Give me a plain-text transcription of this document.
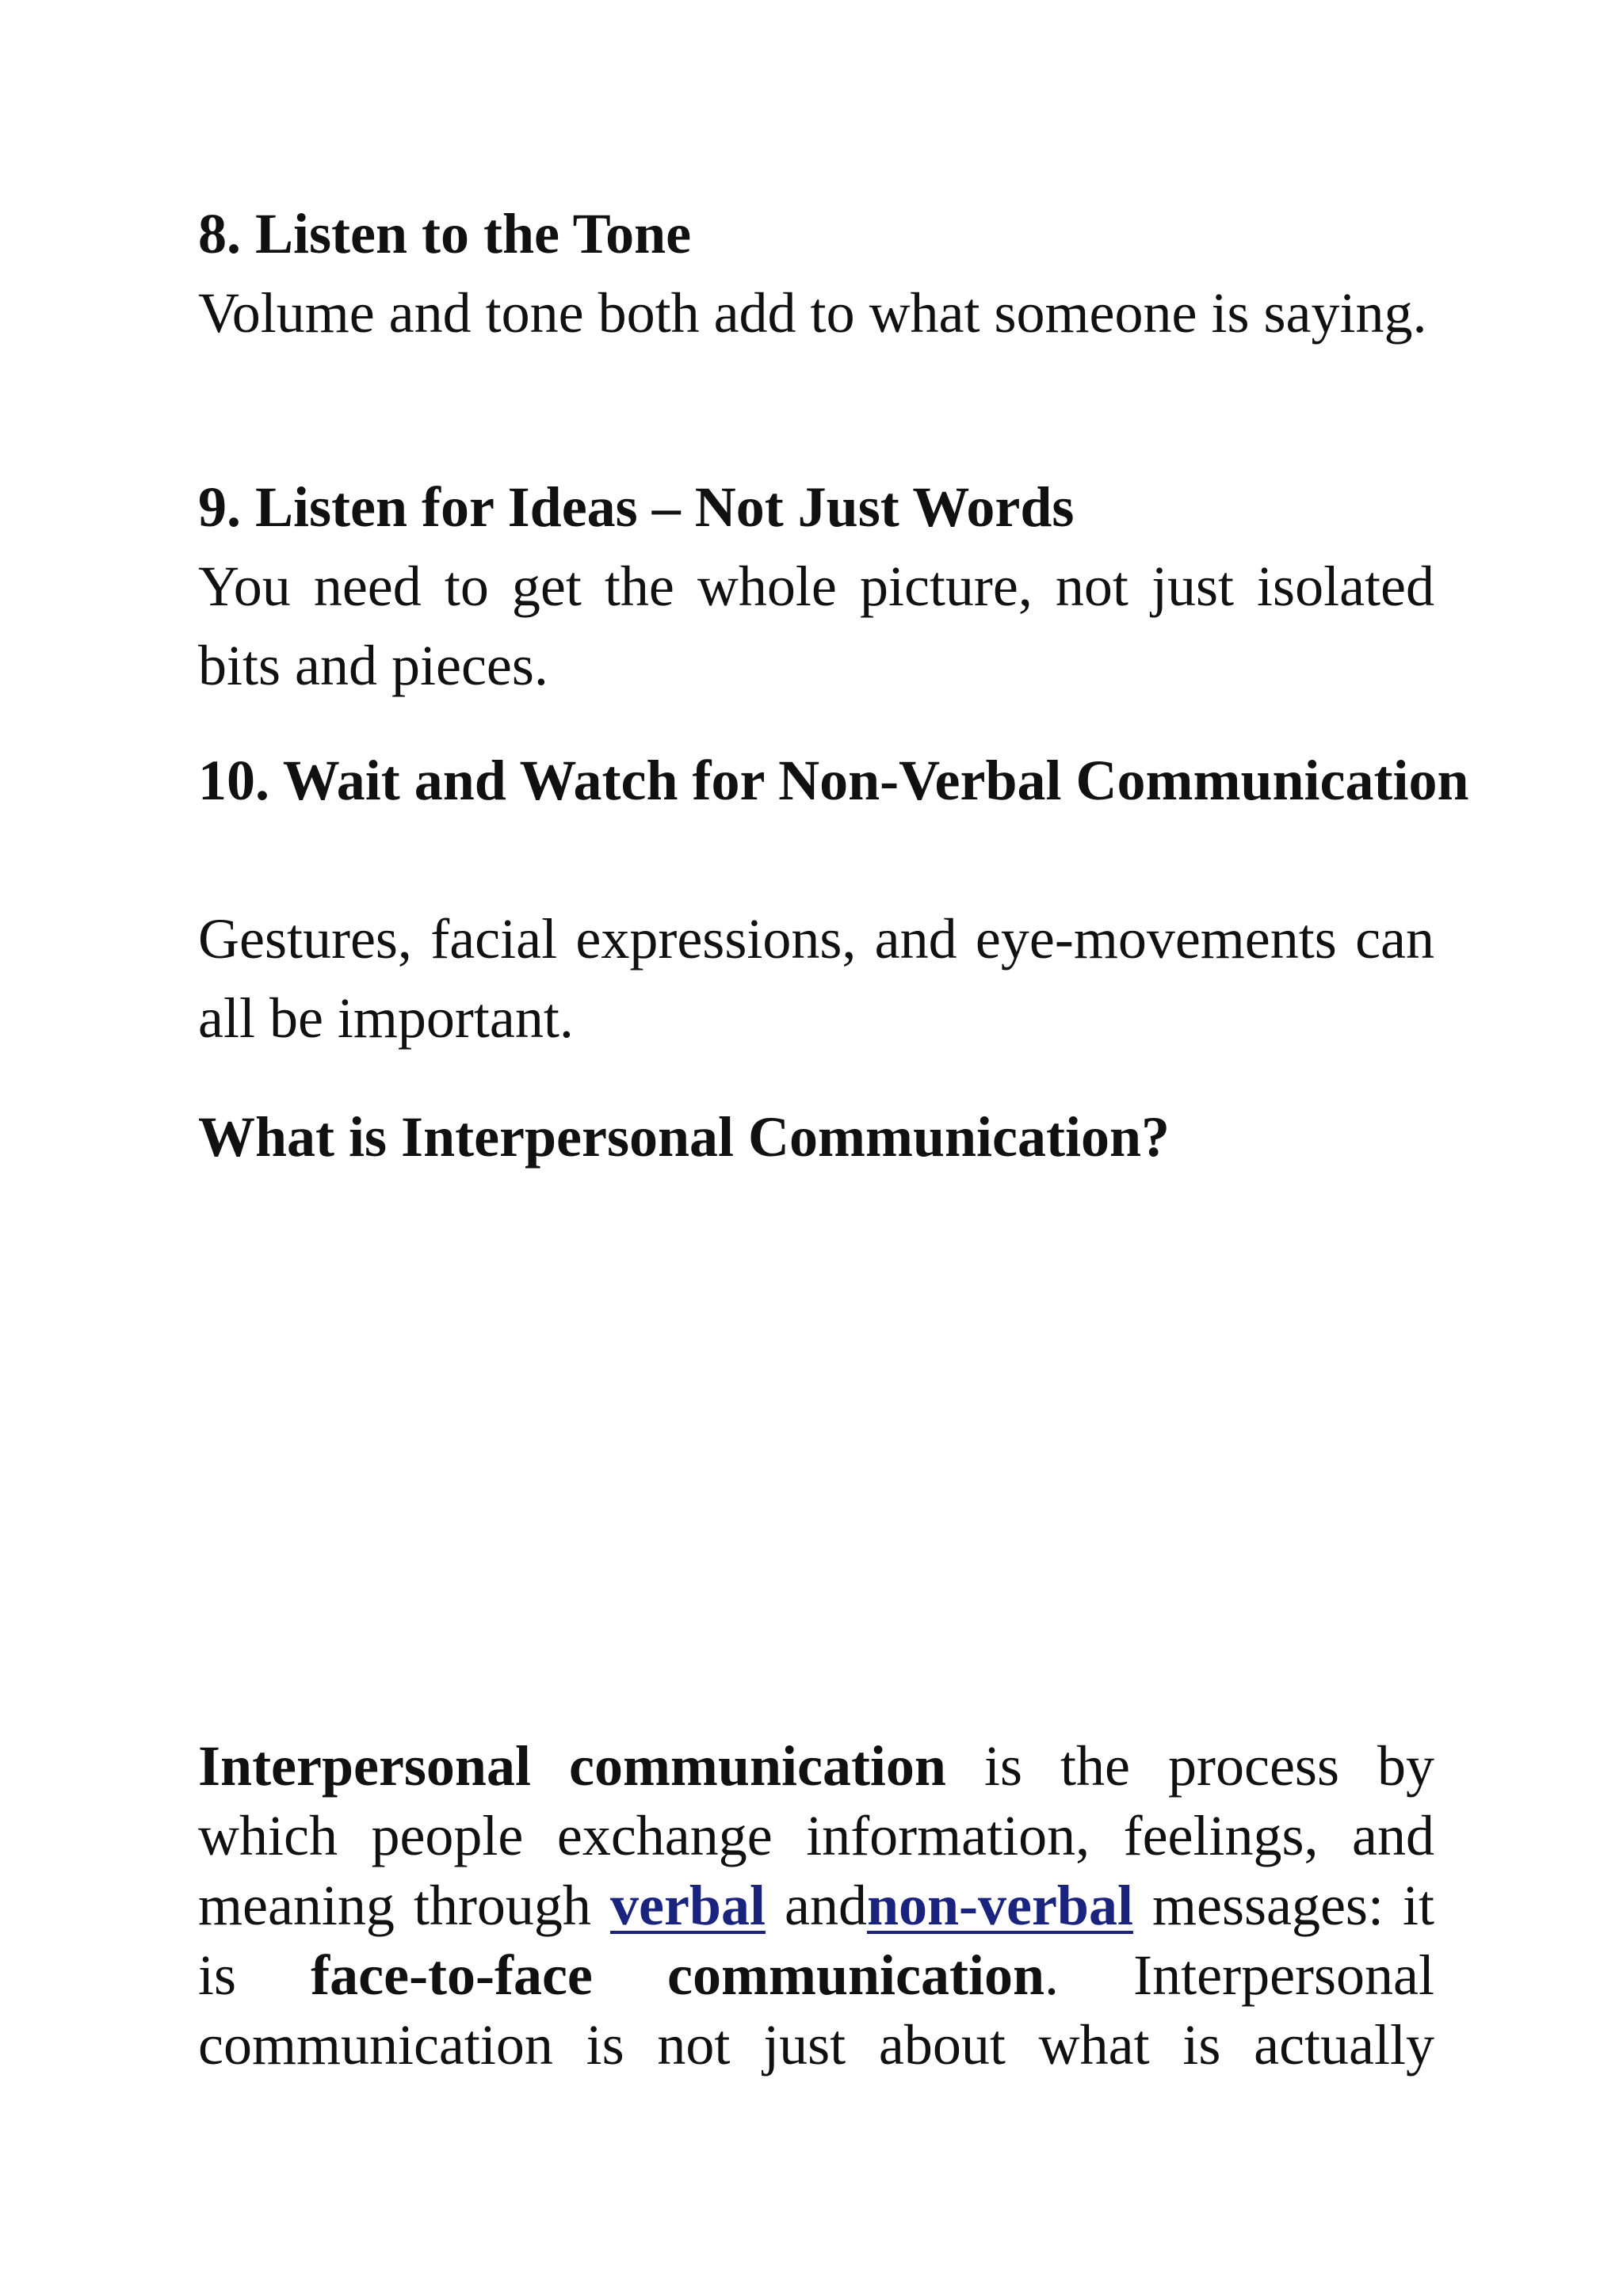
8. Listen to the Tone

Volume and tone both add to what someone is saying.

9. Listen for Ideas – Not Just Words

You need to get the whole picture, not just isolated bits and pieces.

10. Wait and Watch for Non-Verbal Communication

Gestures, facial expressions, and eye-movements can all be important.

What is Interpersonal Communication?

Interpersonal communication is the process by which people exchange information, feelings, and meaning through verbal andnon-verbal messages: it is face-to-face communication. Interpersonal communication is not just about what is actually
